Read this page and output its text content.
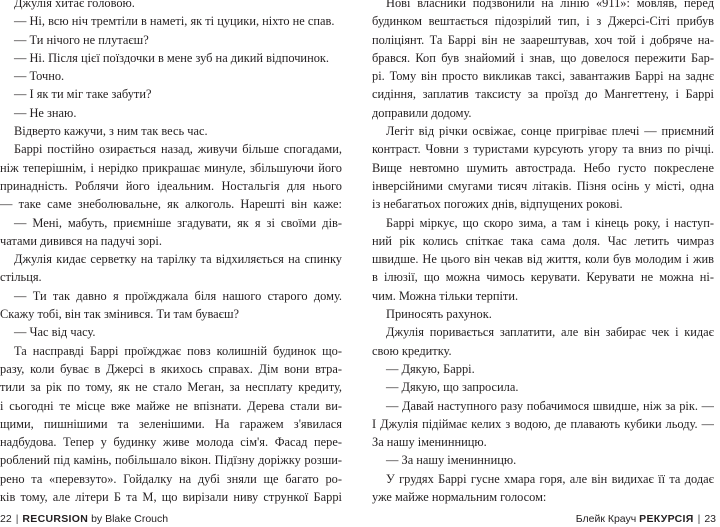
Джулія хитає головою.
— Ні, всю ніч тремтіли в наметі, як ті цуцики, ніхто не спав.
— Ти нічого не плутаєш?
— Ні. Після цієї поїздочки в мене зуб на дикий відпочинок.
— Точно.
— І як ти міг таке забути?
— Не знаю.
Відверто кажучи, з ним так весь час.
Баррі постійно озирається назад, живучи більше спогадами,
ніж теперішнім, і нерідко прикрашає минуле, збільшуючи його
принадність. Роблячи його ідеальним. Ностальгія для нього
— таке саме знеболювальне, як алкоголь. Нарешті він каже:
— Мені, мабуть, приємніше згадувати, як я зі своїми дів-
чатами дивився на падучі зорі.
Джулія кидає серветку на тарілку та відхиляється на спинку
стільця.
— Ти так давно я проїжджала біля нашого старого дому.
Скажу тобі, він так змінився. Ти там буваєш?
— Час від часу.
Та насправді Баррі проїжджає повз колишній будинок що-
разу, коли буває в Джерсі в якихось справах. Дім вони втра-
тили за рік по тому, як не стало Меган, за несплату кредиту,
і сьогодні те місце вже майже не впізнати. Дерева стали ви-
щими, пишнішими та зеленішими. На гаражем з'явилася
надбудова. Тепер у будинку живе молода сім'я. Фасад пере-
роблений під камінь, побільшало вікон. Підїзну доріжку розши-
рено та «перевзуто». Гойдалку на дубі зняли ще багато ро-
ків тому, але літери Б та М, що вирізали ниву стрункої Баррі
Нові власники подзвонили на лінію «911»: мовляв, перед
будинком вештається підозрілий тип, і з Джерсі-Сіті прибув
поліціянт. Та Баррі він не заарештував, хоч той і добряче на-
брався. Коп був знайомий і знав, що довелося пережити Бар-
рі. Тому він просто викликав таксі, завантажив Баррі на заднє
сидіння, заплатив таксисту за проїзд до Мангеттену, і Баррі
доправили додому.
Легіт від річки освіжає, сонце пригріває плечі — приємний
контраст. Човни з туристами курсують угору та вниз по річці.
Вище невтомно шумить автострада. Небо густо покреслене
інверсійними смугами тисяч літаків. Пізня осінь у місті, одна
із небагатьох погожих днів, відпущених рокові.
Баррі міркує, що скоро зима, а там і кінець року, і наступ-
ний рік колись спіткає така сама доля. Час летить чимраз
швидше. Не цього він чекав від життя, коли був молодим і жив
в ілюзії, що можна чимось керувати. Керувати не можна ні-
чим. Можна тільки терпіти.
Приносять рахунок.
Джулія поривається заплатити, але він забирає чек і кидає
свою кредитку.
— Дякую, Баррі.
— Дякую, що запросила.
— Давай наступного разу побачимося швидше, ніж за рік. —
І Джулія підіймає келих з водою, де плавають кубики льоду. —
За нашу іменинницю.
— За нашу іменинницю.
У грудях Баррі гусне хмара горя, але він видихає її та додає
уже майже нормальним голосом:
22 | RECURSION by Blake Crouch	Блейк Крауч РЕКУРСІЯ | 23
